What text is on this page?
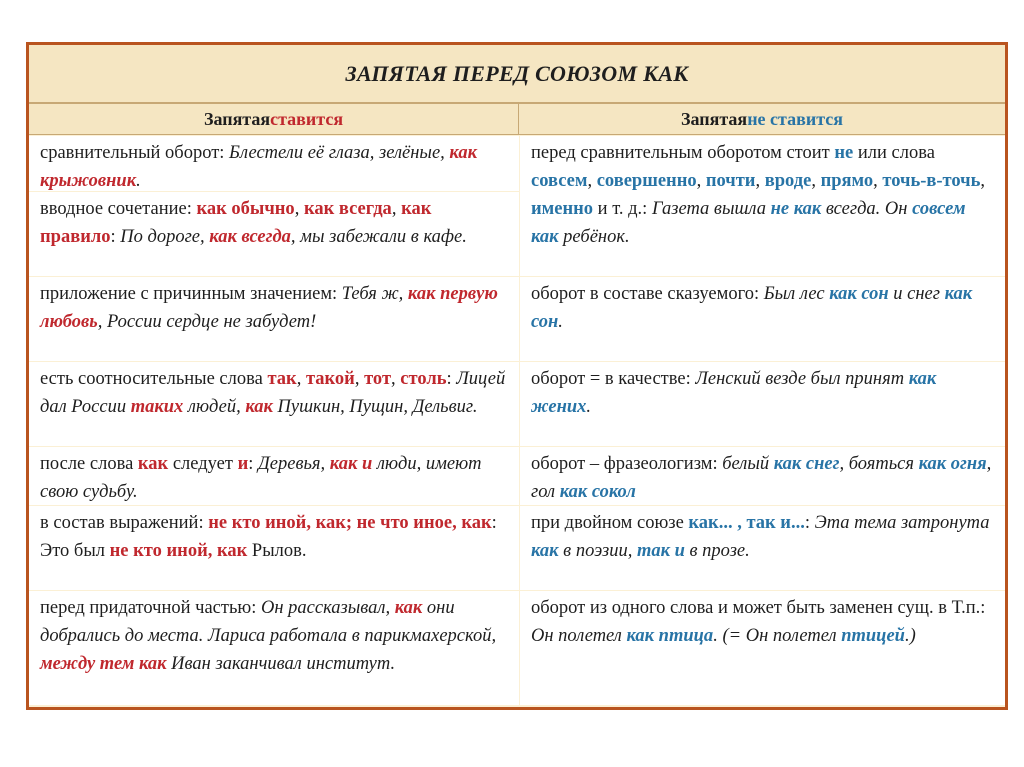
ЗАПЯТАЯ ПЕРЕД СОЮЗОМ КАК
Запятая ставится	Запятая не ставится
сравнительный оборот: Блестели её глаза, зелёные, как крыжовник.
вводное сочетание: как обычно, как всегда, как правило: По дороге, как всегда, мы забежали в кафе.
приложение с причинным значением: Тебя ж, как первую любовь, России сердце не забудет!
есть соотносительные слова так, такой, тот, столь: Лицей дал России таких людей, как Пушкин, Пущин, Дельвиг.
после слова как следует и: Деревья, как и люди, имеют свою судьбу.
в состав выражений: не кто иной, как; не что иное, как: Это был не кто иной, как Рылов.
перед придаточной частью: Он рассказывал, как они добрались до места. Лариса работала в парикмахерской, между тем как Иван заканчивал институт.
перед сравнительным оборотом стоит не или слова совсем, совершенно, почти, вроде, прямо, точь-в-точь, именно и т. д.: Газета вышла не как всегда. Он совсем как ребёнок.
оборот в составе сказуемого: Был лес как сон и снег как сон.
оборот = в качестве: Ленский везде был принят как жених.
оборот – фразеологизм: белый как снег, бояться как огня, гол как сокол
при двойном союзе как... , так и...: Эта тема затронута как в поэзии, так и в прозе.
оборот из одного слова и может быть заменен сущ. в Т.п.: Он полетел как птица. (= Он полетел птицей.)
